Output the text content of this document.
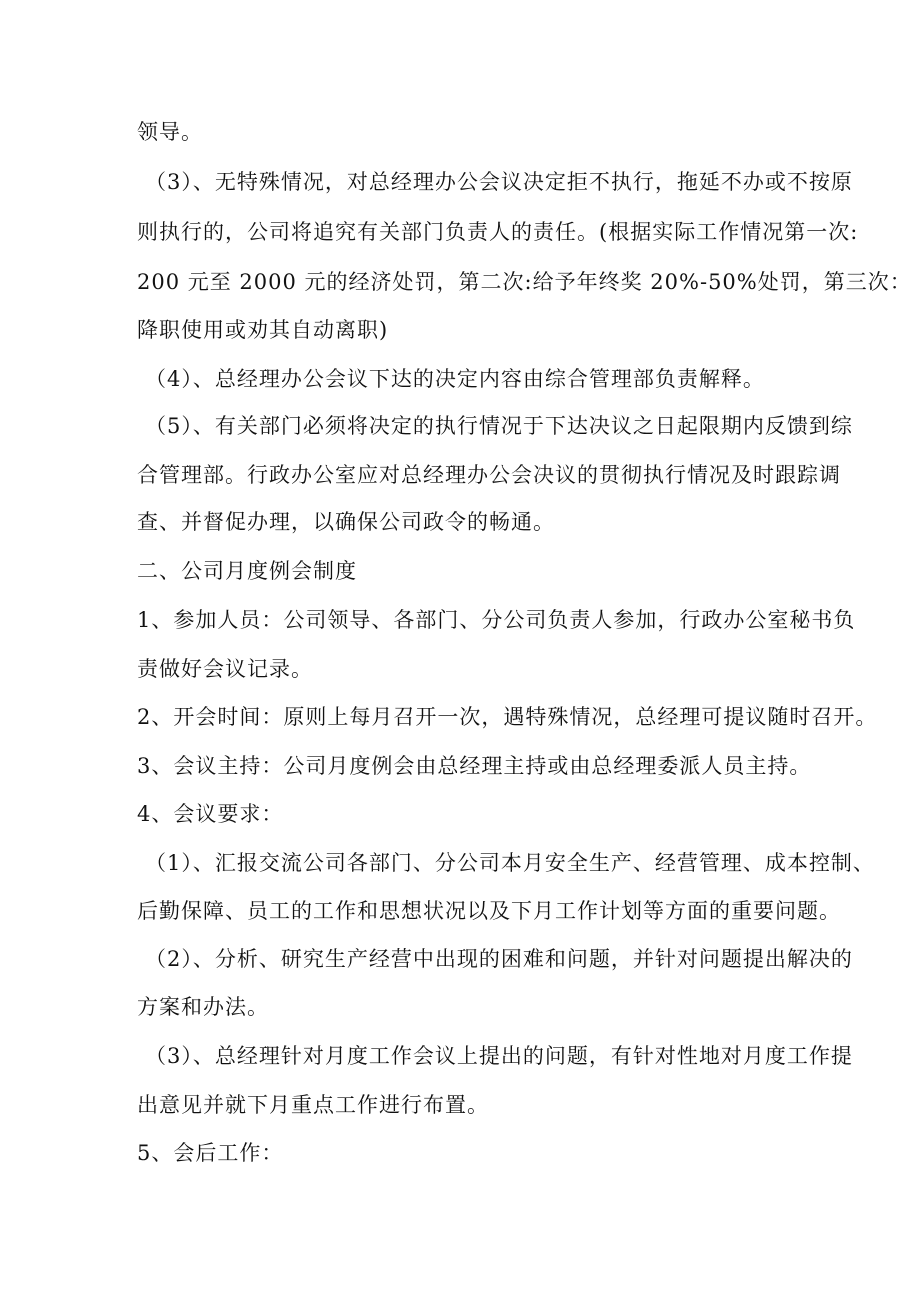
领导。
（3）、无特殊情况，对总经理办公会议决定拒不执行，拖延不办或不按原
则执行的，公司将追究有关部门负责人的责任。(根据实际工作情况第一次:
200 元至 2000 元的经济处罚，第二次:给予年终奖 20%-50%处罚，第三次：
降职使用或劝其自动离职)
（4）、总经理办公会议下达的决定内容由综合管理部负责解释。
（5）、有关部门必须将决定的执行情况于下达决议之日起限期内反馈到综
合管理部。行政办公室应对总经理办公会决议的贯彻执行情况及时跟踪调
查、并督促办理，以确保公司政令的畅通。
二、公司月度例会制度
1、参加人员：公司领导、各部门、分公司负责人参加，行政办公室秘书负
责做好会议记录。
2、开会时间：原则上每月召开一次，遇特殊情况，总经理可提议随时召开。
3、会议主持：公司月度例会由总经理主持或由总经理委派人员主持。
4、会议要求：
（1）、汇报交流公司各部门、分公司本月安全生产、经营管理、成本控制、
后勤保障、员工的工作和思想状况以及下月工作计划等方面的重要问题。
（2）、分析、研究生产经营中出现的困难和问题，并针对问题提出解决的
方案和办法。
（3）、总经理针对月度工作会议上提出的问题，有针对性地对月度工作提
出意见并就下月重点工作进行布置。
5、会后工作：
